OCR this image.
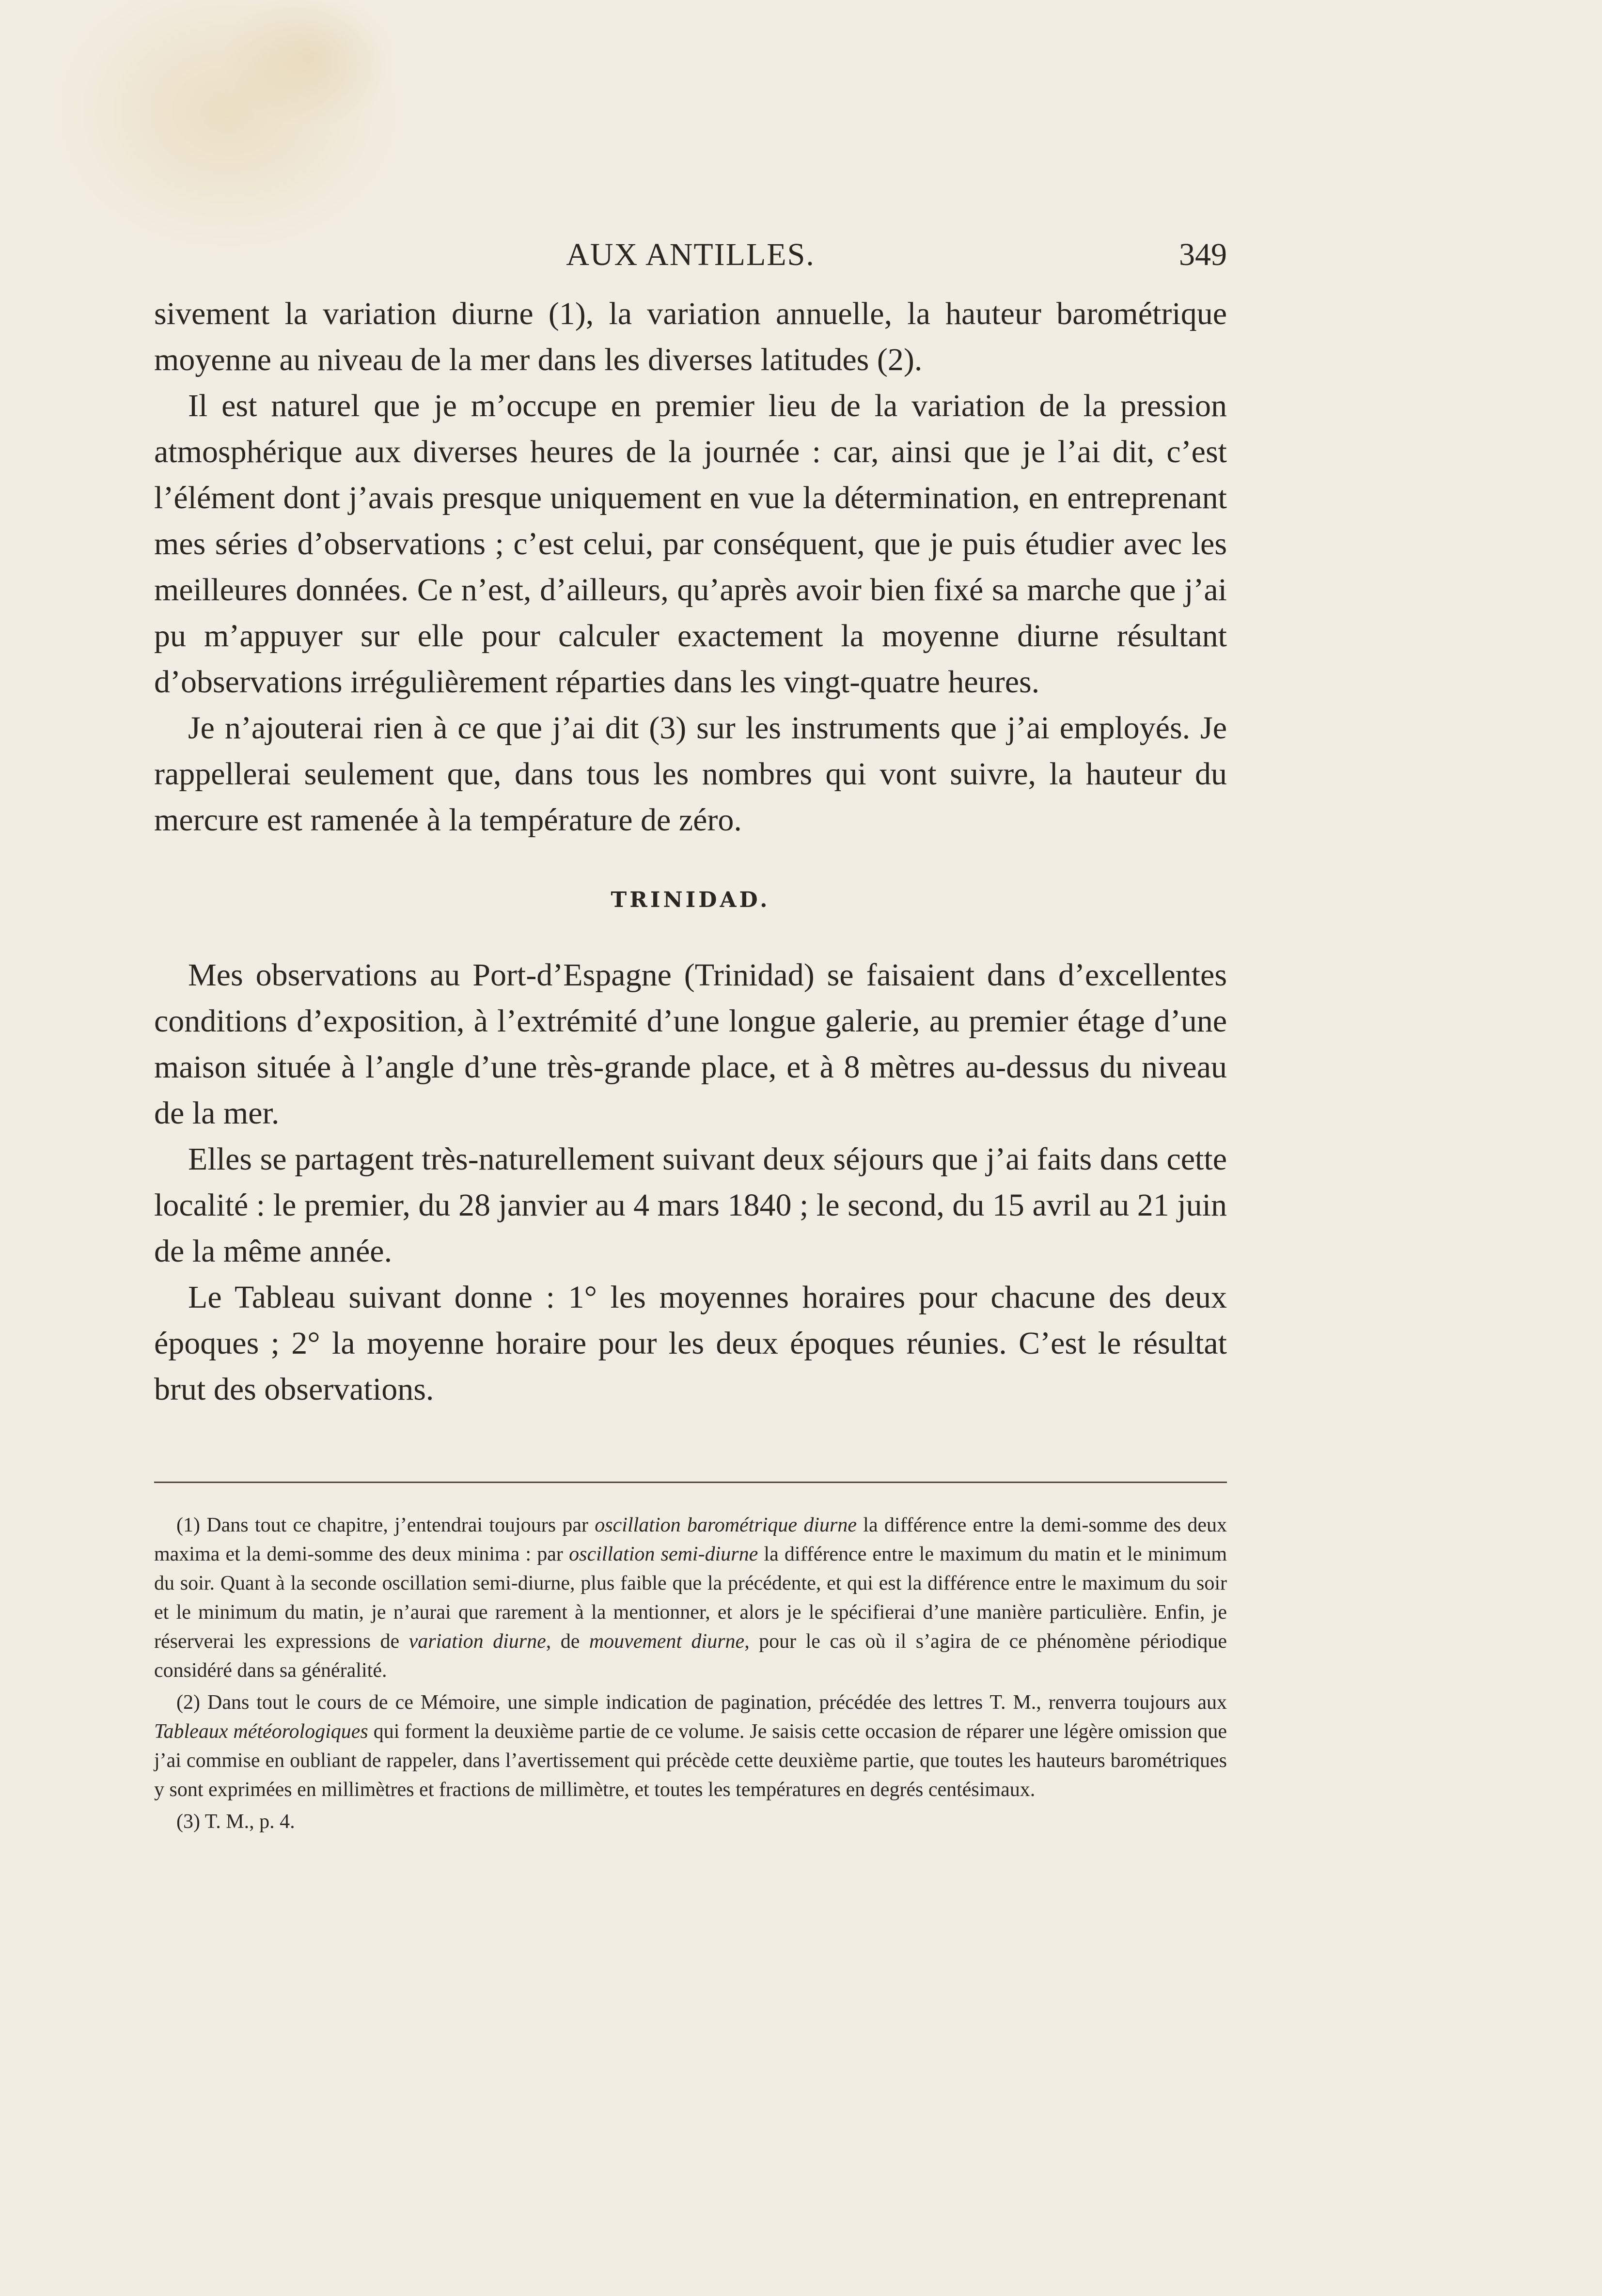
AUX ANTILLES.	349

sivement la variation diurne (1), la variation annuelle, la hauteur barométrique moyenne au niveau de la mer dans les diverses latitudes (2).

Il est naturel que je m’occupe en premier lieu de la variation de la pression atmosphérique aux diverses heures de la journée : car, ainsi que je l’ai dit, c’est l’élément dont j’avais presque uniquement en vue la détermination, en entreprenant mes séries d’observations ; c’est celui, par conséquent, que je puis étudier avec les meilleures données. Ce n’est, d’ailleurs, qu’après avoir bien fixé sa marche que j’ai pu m’appuyer sur elle pour calculer exactement la moyenne diurne résultant d’observations irrégulièrement réparties dans les vingt-quatre heures.

Je n’ajouterai rien à ce que j’ai dit (3) sur les instruments que j’ai employés. Je rappellerai seulement que, dans tous les nombres qui vont suivre, la hauteur du mercure est ramenée à la température de zéro.

TRINIDAD.

Mes observations au Port-d’Espagne (Trinidad) se faisaient dans d’excellentes conditions d’exposition, à l’extrémité d’une longue galerie, au premier étage d’une maison située à l’angle d’une très-grande place, et à 8 mètres au-dessus du niveau de la mer.

Elles se partagent très-naturellement suivant deux séjours que j’ai faits dans cette localité : le premier, du 28 janvier au 4 mars 1840 ; le second, du 15 avril au 21 juin de la même année.

Le Tableau suivant donne : 1° les moyennes horaires pour chacune des deux époques ; 2° la moyenne horaire pour les deux époques réunies. C’est le résultat brut des observations.

(1) Dans tout ce chapitre, j’entendrai toujours par oscillation barométrique diurne la différence entre la demi-somme des deux maxima et la demi-somme des deux minima : par oscillation semi-diurne la différence entre le maximum du matin et le minimum du soir. Quant à la seconde oscillation semi-diurne, plus faible que la précédente, et qui est la différence entre le maximum du soir et le minimum du matin, je n’aurai que rarement à la mentionner, et alors je le spécifierai d’une manière particulière. Enfin, je réserverai les expressions de variation diurne, de mouvement diurne, pour le cas où il s’agira de ce phénomène périodique considéré dans sa généralité.

(2) Dans tout le cours de ce Mémoire, une simple indication de pagination, précédée des lettres T. M., renverra toujours aux Tableaux météorologiques qui forment la deuxième partie de ce volume. Je saisis cette occasion de réparer une légère omission que j’ai commise en oubliant de rappeler, dans l’avertissement qui précède cette deuxième partie, que toutes les hauteurs barométriques y sont exprimées en millimètres et fractions de millimètre, et toutes les températures en degrés centésimaux.

(3) T. M., p. 4.
